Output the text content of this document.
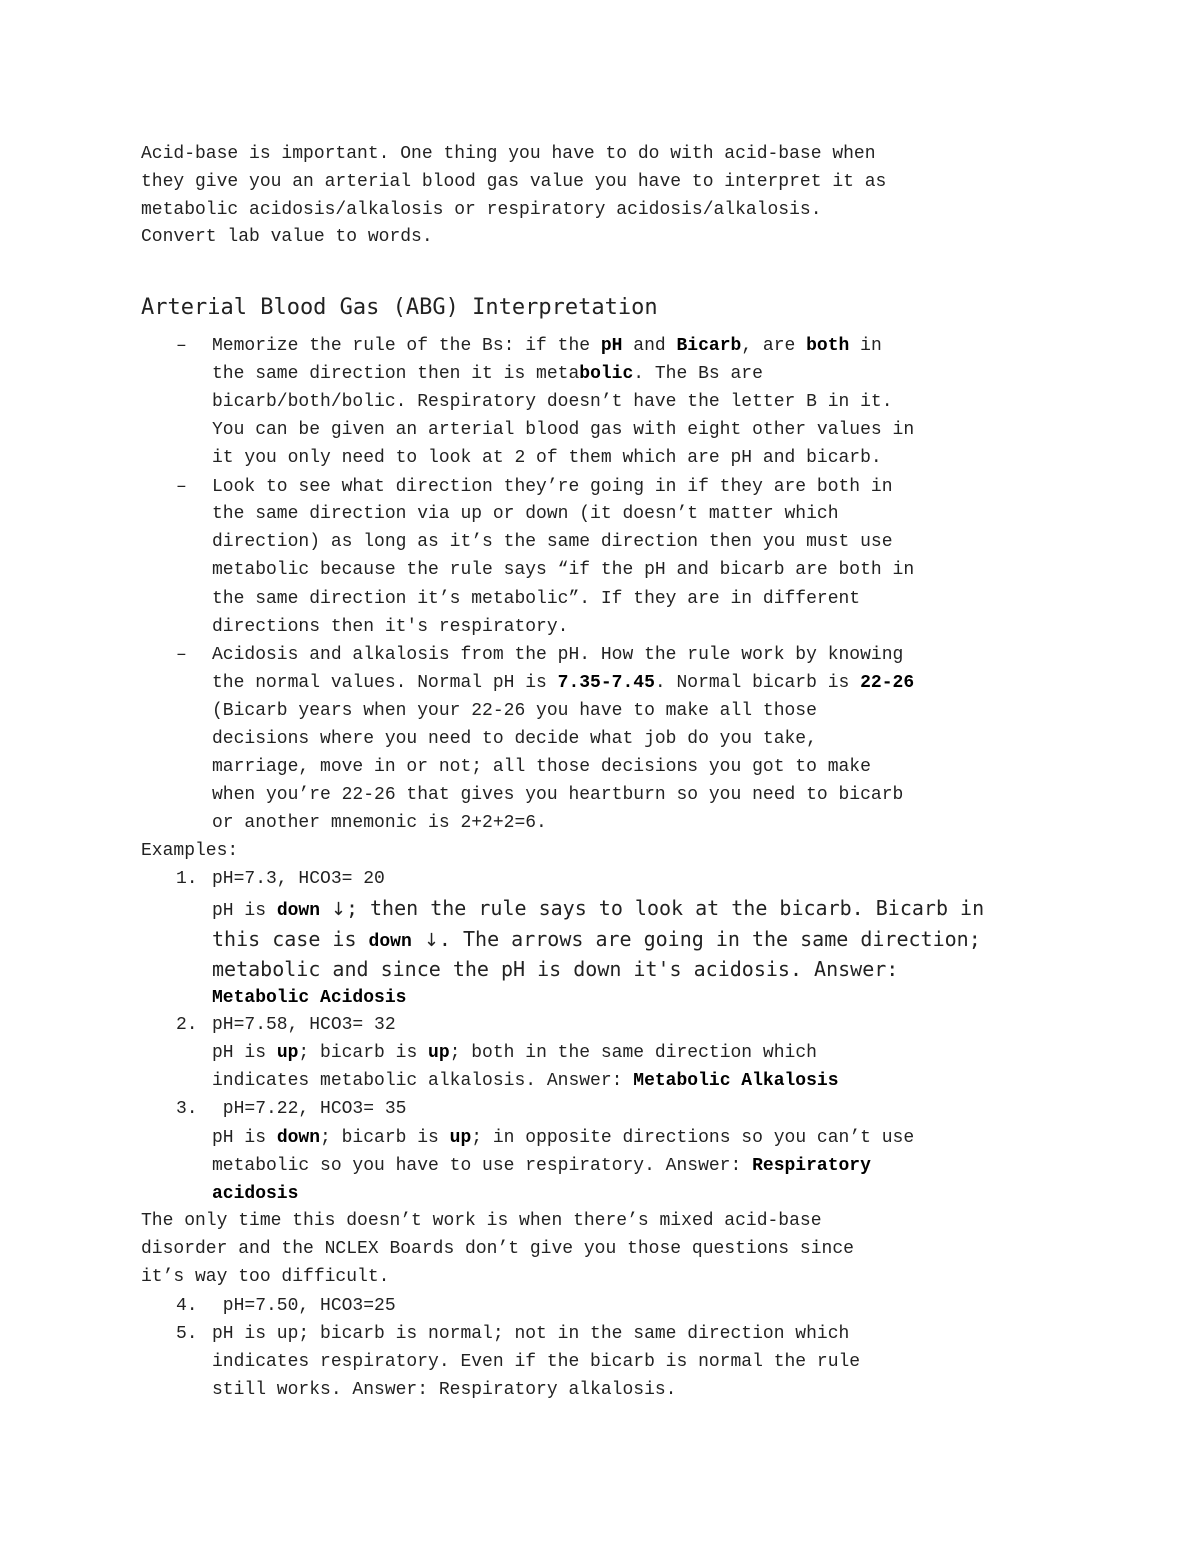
Acid-base is important. One thing you have to do with acid-base when
they give you an arterial blood gas value you have to interpret it as
metabolic acidosis/alkalosis or respiratory acidosis/alkalosis.
Convert lab value to words.
Arterial Blood Gas (ABG) Interpretation
– Memorize the rule of the Bs: if the pH and Bicarb, are both in
the same direction then it is metabolic. The Bs are
bicarb/both/bolic. Respiratory doesn’t have the letter B in it.
You can be given an arterial blood gas with eight other values in
it you only need to look at 2 of them which are pH and bicarb.
– Look to see what direction they’re going in if they are both in
the same direction via up or down (it doesn’t matter which
direction) as long as it’s the same direction then you must use
metabolic because the rule says “if the pH and bicarb are both in
the same direction it’s metabolic”. If they are in different
directions then it's respiratory.
– Acidosis and alkalosis from the pH. How the rule work by knowing
the normal values. Normal pH is 7.35-7.45. Normal bicarb is 22-26
(Bicarb years when your 22-26 you have to make all those
decisions where you need to decide what job do you take,
marriage, move in or not; all those decisions you got to make
when you’re 22-26 that gives you heartburn so you need to bicarb
or another mnemonic is 2+2+2=6.
Examples:
1. pH=7.3, HCO3= 20
pH is down ↓; then the rule says to look at the bicarb. Bicarb in
this case is down ↓. The arrows are going in the same direction;
metabolic and since the pH is down it's acidosis. Answer:
Metabolic Acidosis
2. pH=7.58, HCO3= 32
pH is up; bicarb is up; both in the same direction which
indicates metabolic alkalosis. Answer: Metabolic Alkalosis
3. pH=7.22, HCO3= 35
pH is down; bicarb is up; in opposite directions so you can’t use
metabolic so you have to use respiratory. Answer: Respiratory
acidosis
The only time this doesn’t work is when there’s mixed acid-base
disorder and the NCLEX Boards don’t give you those questions since
it’s way too difficult.
4. pH=7.50, HCO3=25
5. pH is up; bicarb is normal; not in the same direction which
indicates respiratory. Even if the bicarb is normal the rule
still works. Answer: Respiratory alkalosis.
